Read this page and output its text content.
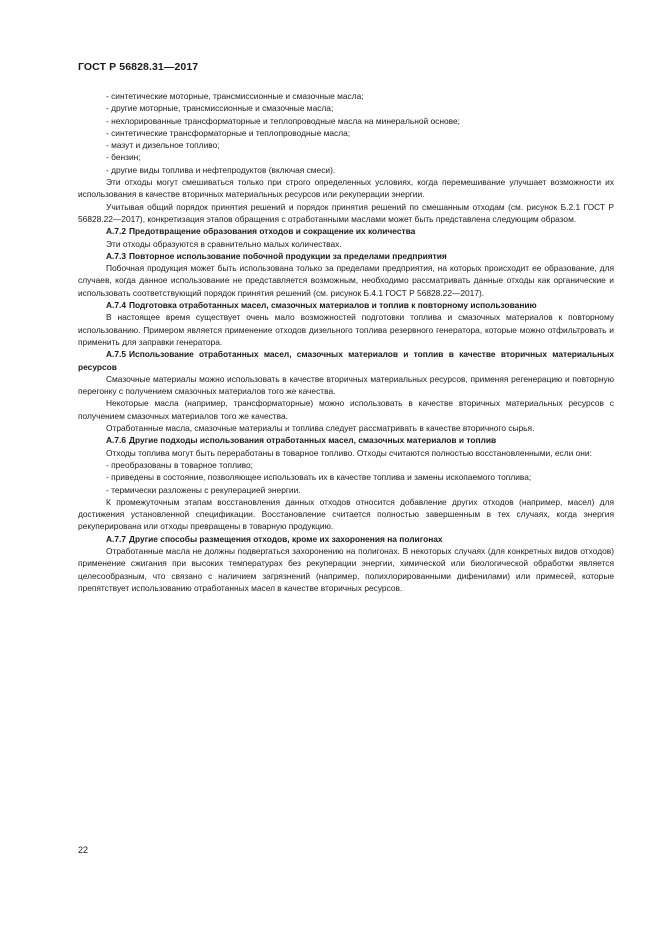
ГОСТ Р 56828.31—2017

- синтетические моторные, трансмиссионные и смазочные масла;

- другие моторные, трансмиссионные и смазочные масла;

- нехлорированные трансформаторные и теплопроводные масла на минеральной основе;

- синтетические трансформаторные и теплопроводные масла;

- мазут и дизельное топливо;

- бензин;

- другие виды топлива и нефтепродуктов (включая смеси).

Эти отходы могут смешиваться только при строго определенных условиях, когда перемешивание улучшает возможности их использования в качестве вторичных материальных ресурсов или рекуперации энергии.

Учитывая общий порядок принятия решений и порядок принятия решений по смешанным отходам (см. рисунок Б.2.1 ГОСТ Р 56828.22—2017), конкретизация этапов обращения с отработанными маслами может быть представлена следующим образом.

А.7.2 Предотвращение образования отходов и сокращение их количества

Эти отходы образуются в сравнительно малых количествах.

А.7.3 Повторное использование побочной продукции за пределами предприятия

Побочная продукция может быть использована только за пределами предприятия, на которых происходит ее образование, для случаев, когда данное использование не представляется возможным, необходимо рассматривать данные отходы как органические и использовать соответствующий порядок принятия решений (см. рисунок Б.4.1 ГОСТ Р 56828.22—2017).

А.7.4 Подготовка отработанных масел, смазочных материалов и топлив к повторному использованию

В настоящее время существует очень мало возможностей подготовки топлива и смазочных материалов к повторному использованию. Примером является применение отходов дизельного топлива резервного генератора, которые можно отфильтровать и применить для заправки генератора.

А.7.5 Использование отработанных масел, смазочных материалов и топлив в качестве вторичных материальных ресурсов

Смазочные материалы можно использовать в качестве вторичных материальных ресурсов, применяя регенерацию и повторную перегонку с получением смазочных материалов того же качества.

Некоторые масла (например, трансформаторные) можно использовать в качестве вторичных материальных ресурсов с получением смазочных материалов того же качества.

Отработанные масла, смазочные материалы и топлива следует рассматривать в качестве вторичного сырья.

А.7.6 Другие подходы использования отработанных масел, смазочных материалов и топлив

Отходы топлива могут быть переработаны в товарное топливо. Отходы считаются полностью восстановленными, если они:

- преобразованы в товарное топливо;

- приведены в состояние, позволяющее использовать их в качестве топлива и замены ископаемого топлива;

- термически разложены с рекуперацией энергии.

К промежуточным этапам восстановления данных отходов относится добавление других отходов (например, масел) для достижения установленной спецификации. Восстановление считается полностью завершенным в тех случаях, когда энергия рекуперирована или отходы превращены в товарную продукцию.

А.7.7 Другие способы размещения отходов, кроме их захоронения на полигонах

Отработанные масла не должны подвергаться захоронению на полигонах. В некоторых случаях (для конкретных видов отходов) применение сжигания при высоких температурах без рекуперации энергии, химической или биологической обработки является целесообразным, что связано с наличием загрязнений (например, полихлорированными дифенилами) или примесей, которые препятствует использованию отработанных масел в качестве вторичных ресурсов.

22
